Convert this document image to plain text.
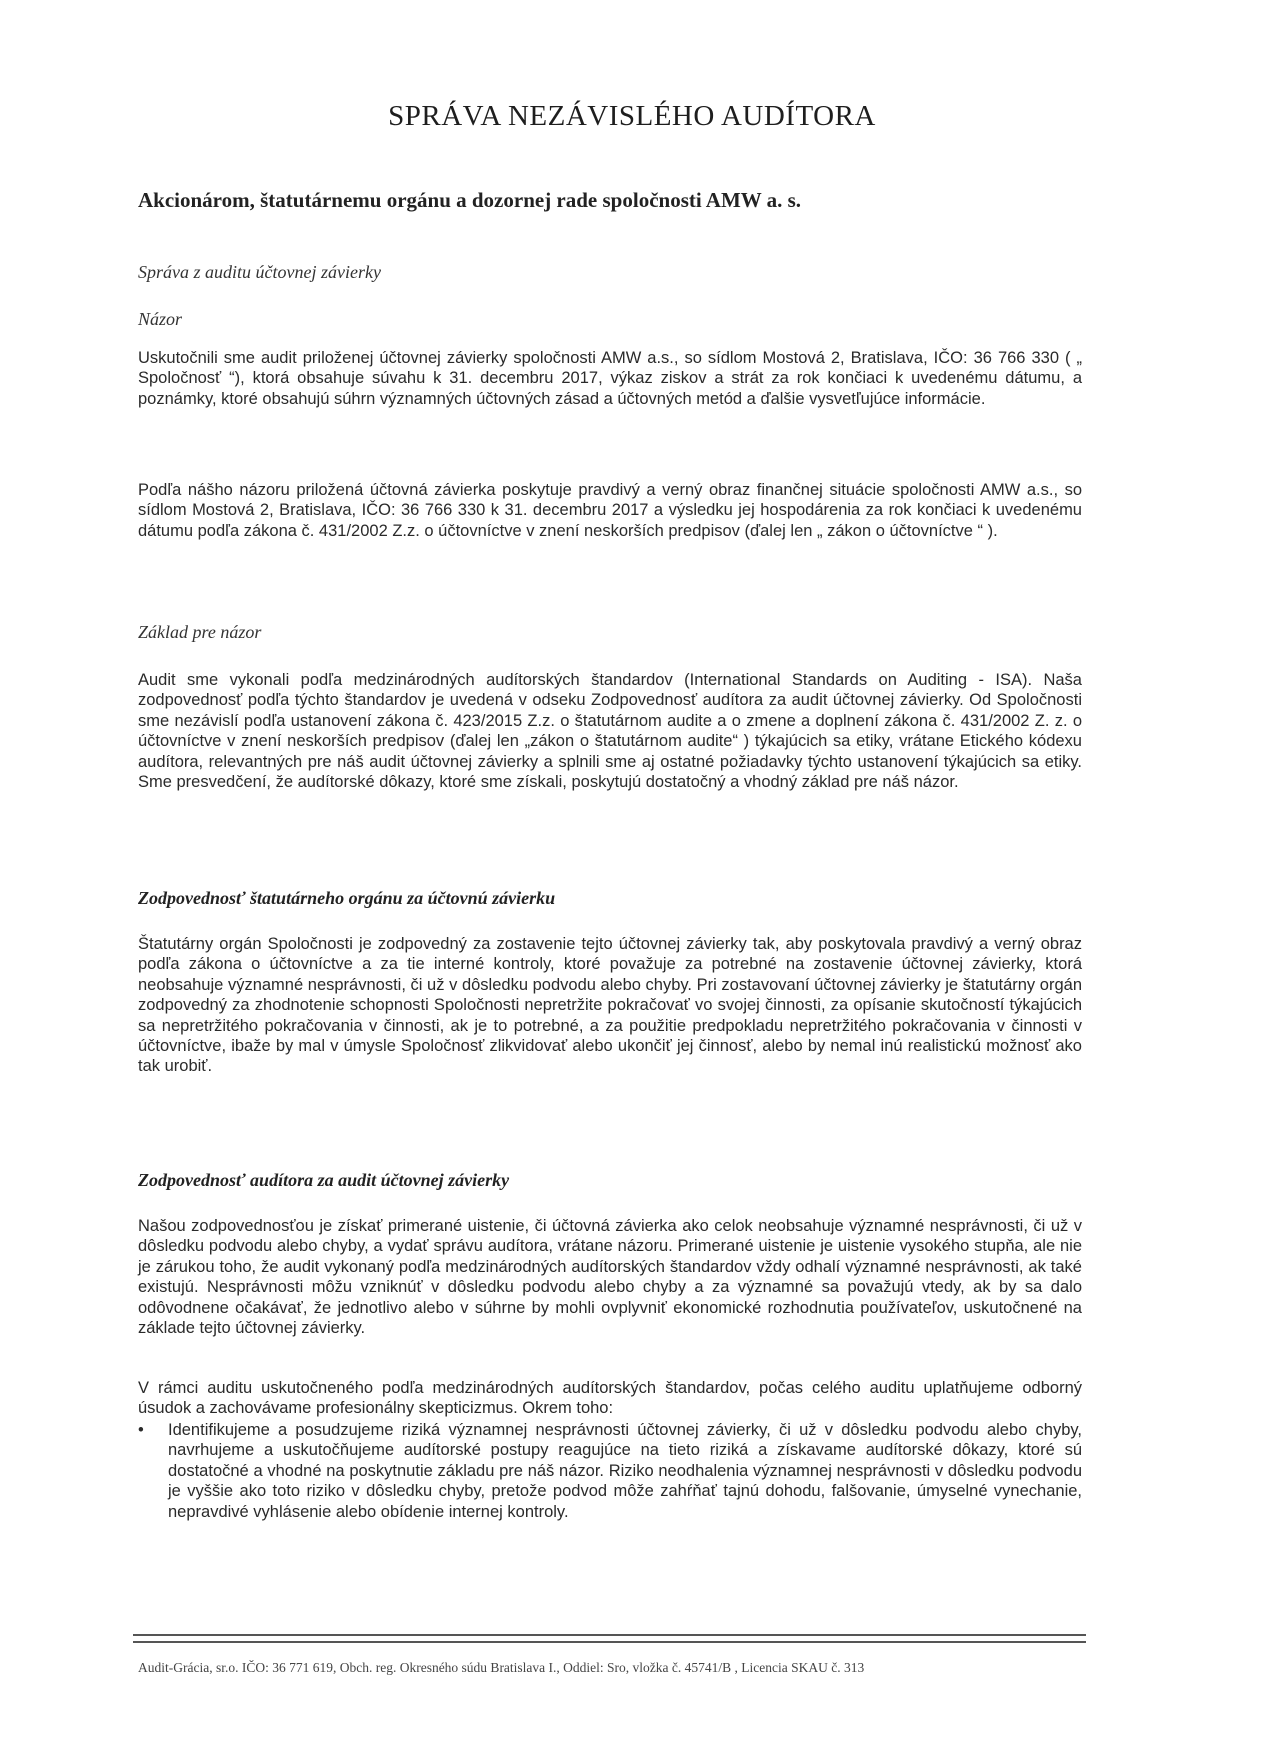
SPRÁVA NEZÁVISLÉHO AUDÍTORA
Akcionárom, štatutárnemu orgánu a dozornej rade spoločnosti AMW a. s.
Správa z auditu účtovnej závierky
Názor

Uskutočnili sme audit priloženej účtovnej závierky spoločnosti AMW a.s., so sídlom Mostová 2, Bratislava, IČO: 36 766 330 ( „ Spoločnosť “), ktorá obsahuje súvahu k 31. decembru 2017, výkaz ziskov a strát za rok končiaci k uvedenému dátumu, a poznámky, ktoré obsahujú súhrn významných účtovných zásad a účtovných metód a ďalšie vysvetľujúce informácie.

Podľa nášho názoru priložená účtovná závierka poskytuje pravdivý a verný obraz finančnej situácie spoločnosti AMW a.s., so sídlom Mostová 2, Bratislava, IČO: 36 766 330 k 31. decembru 2017 a výsledku jej hospodárenia za rok končiaci k uvedenému dátumu podľa zákona č. 431/2002 Z.z. o účtovníctve v znení neskorších predpisov (ďalej len „ zákon o účtovníctve “ ).

Základ pre názor

Audit sme vykonali podľa medzinárodných audítorských štandardov (International Standards on Auditing - ISA). Naša zodpovednosť podľa týchto štandardov je uvedená v odseku Zodpovednosť audítora za audit účtovnej závierky. Od Spoločnosti sme nezávislí podľa ustanovení zákona č. 423/2015 Z.z. o štatutárnom audite a o zmene a doplnení zákona č. 431/2002 Z. z. o účtovníctve v znení neskorších predpisov (ďalej len „zákon o štatutárnom audite“ ) týkajúcich sa etiky, vrátane Etického kódexu audítora, relevantných pre náš audit účtovnej závierky a splnili sme aj ostatné požiadavky týchto ustanovení týkajúcich sa etiky. Sme presvedčení, že audítorské dôkazy, ktoré sme získali, poskytujú dostatočný a vhodný základ pre náš názor.

Zodpovednosť štatutárneho orgánu za účtovnú závierku

Štatutárny orgán Spoločnosti je zodpovedný za zostavenie tejto účtovnej závierky tak, aby poskytovala pravdivý a verný obraz podľa zákona o účtovníctve a za tie interné kontroly, ktoré považuje za potrebné na zostavenie účtovnej závierky, ktorá neobsahuje významné nesprávnosti, či už v dôsledku podvodu alebo chyby. Pri zostavovaní účtovnej závierky je štatutárny orgán zodpovedný za zhodnotenie schopnosti Spoločnosti nepretržite pokračovať vo svojej činnosti, za opísanie skutočností týkajúcich sa nepretržitého pokračovania v činnosti, ak je to potrebné, a za použitie predpokladu nepretržitého pokračovania v činnosti v účtovníctve, ibažе by mal v úmysle Spoločnosť zlikvidovať alebo ukončiť jej činnosť, alebo by nemal inú realistickú možnosť ako tak urobiť.

Zodpovednosť audítora za audit účtovnej závierky

Našou zodpovednosťou je získať primerané uistenie, či účtovná závierka ako celok neobsahuje významné nesprávnosti, či už v dôsledku podvodu alebo chyby, a vydať správu audítora, vrátane názoru. Primerané uistenie je uistenie vysokého stupňa, ale nie je zárukou toho, že audit vykonaný podľa medzinárodných audítorských štandardov vždy odhalí významné nesprávnosti, ak také existujú. Nesprávnosti môžu vzniknúť v dôsledku podvodu alebo chyby a za významné sa považujú vtedy, ak by sa dalo odôvodnene očakávať, že jednotlivo alebo v súhrne by mohli ovplyvniť ekonomické rozhodnutia používateľov, uskutočnené na základe tejto účtovnej závierky.

V rámci auditu uskutočneného podľa medzinárodných audítorských štandardov, počas celého auditu uplatňujeme odborný úsudok a zachovávame profesionálny skepticizmus. Okrem toho:

• Identifikujeme a posudzujeme riziká významnej nesprávnosti účtovnej závierky, či už v dôsledku podvodu alebo chyby, navrhujeme a uskutočňujeme audítorské postupy reagujúce na tieto riziká a získavame audítorské dôkazy, ktoré sú dostatočné a vhodné na poskytnutie základu pre náš názor. Riziko neodhalenia významnej nesprávnosti v dôsledku podvodu je vyššie ako toto riziko v dôsledku chyby, pretože podvod môže zahŕňať tajnú dohodu, falšovanie, úmyselné vynechanie, nepravdivé vyhlásenie alebo obídenie internej kontroly.
Audit-Grácia, sr.o. IČO: 36 771 619, Obch. reg. Okresného súdu Bratislava I., Oddiel: Sro, vložka č. 45741/B , Licencia SKAU č. 313
